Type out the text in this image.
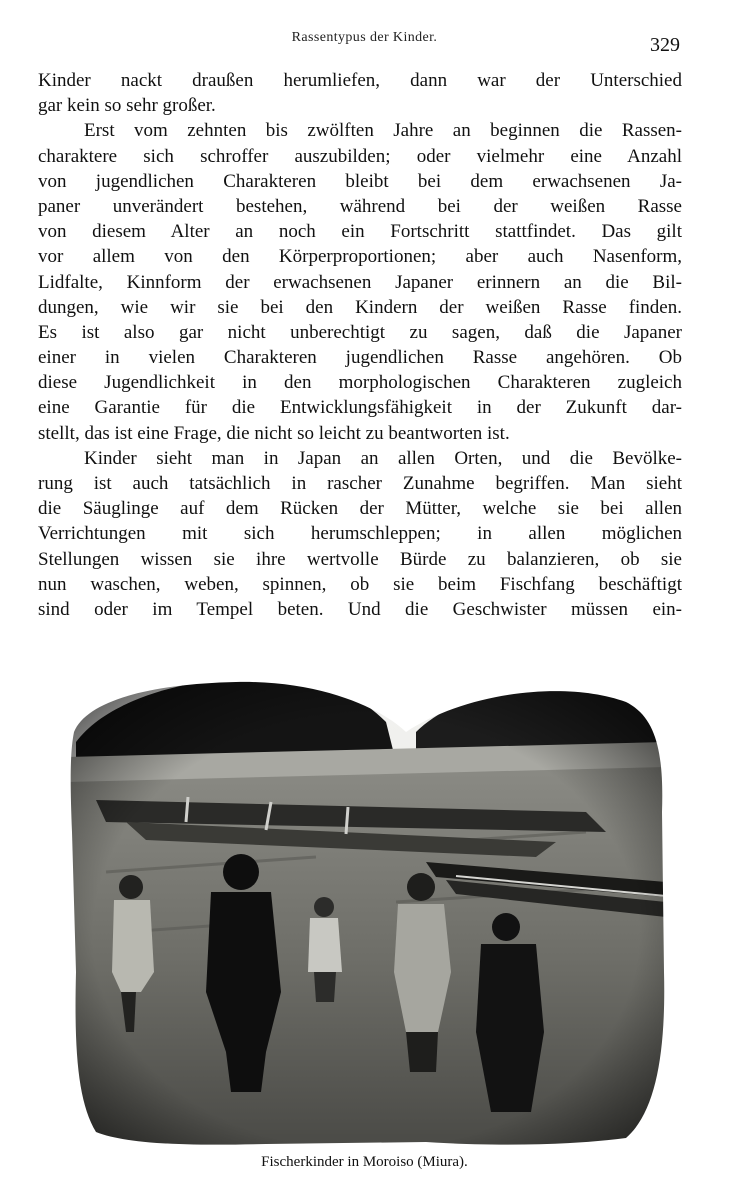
Rassentypus der Kinder.	329
Kinder nackt draußen herumliefen, dann war der Unterschied
gar kein so sehr großer.
Erst vom zehnten bis zwölften Jahre an beginnen die Rassen-
charaktere sich schroffer auszubilden; oder vielmehr eine Anzahl
von jugendlichen Charakteren bleibt bei dem erwachsenen Ja-
paner unverändert bestehen, während bei der weißen Rasse
von diesem Alter an noch ein Fortschritt stattfindet. Das gilt
vor allem von den Körperproportionen; aber auch Nasenform,
Lidfalte, Kinnform der erwachsenen Japaner erinnern an die Bil-
dungen, wie wir sie bei den Kindern der weißen Rasse finden.
Es ist also gar nicht unberechtigt zu sagen, daß die Japaner
einer in vielen Charakteren jugendlichen Rasse angehören. Ob
diese Jugendlichkeit in den morphologischen Charakteren zugleich
eine Garantie für die Entwicklungsfähigkeit in der Zukunft dar-
stellt, das ist eine Frage, die nicht so leicht zu beantworten ist.
Kinder sieht man in Japan an allen Orten, und die Bevölke-
rung ist auch tatsächlich in rascher Zunahme begriffen. Man sieht
die Säuglinge auf dem Rücken der Mütter, welche sie bei allen
Verrichtungen mit sich herumschleppen; in allen möglichen
Stellungen wissen sie ihre wertvolle Bürde zu balanzieren, ob sie
nun waschen, weben, spinnen, ob sie beim Fischfang beschäftigt
sind oder im Tempel beten. Und die Geschwister müssen ein-
Fischerkinder in Moroiso (Miura).
